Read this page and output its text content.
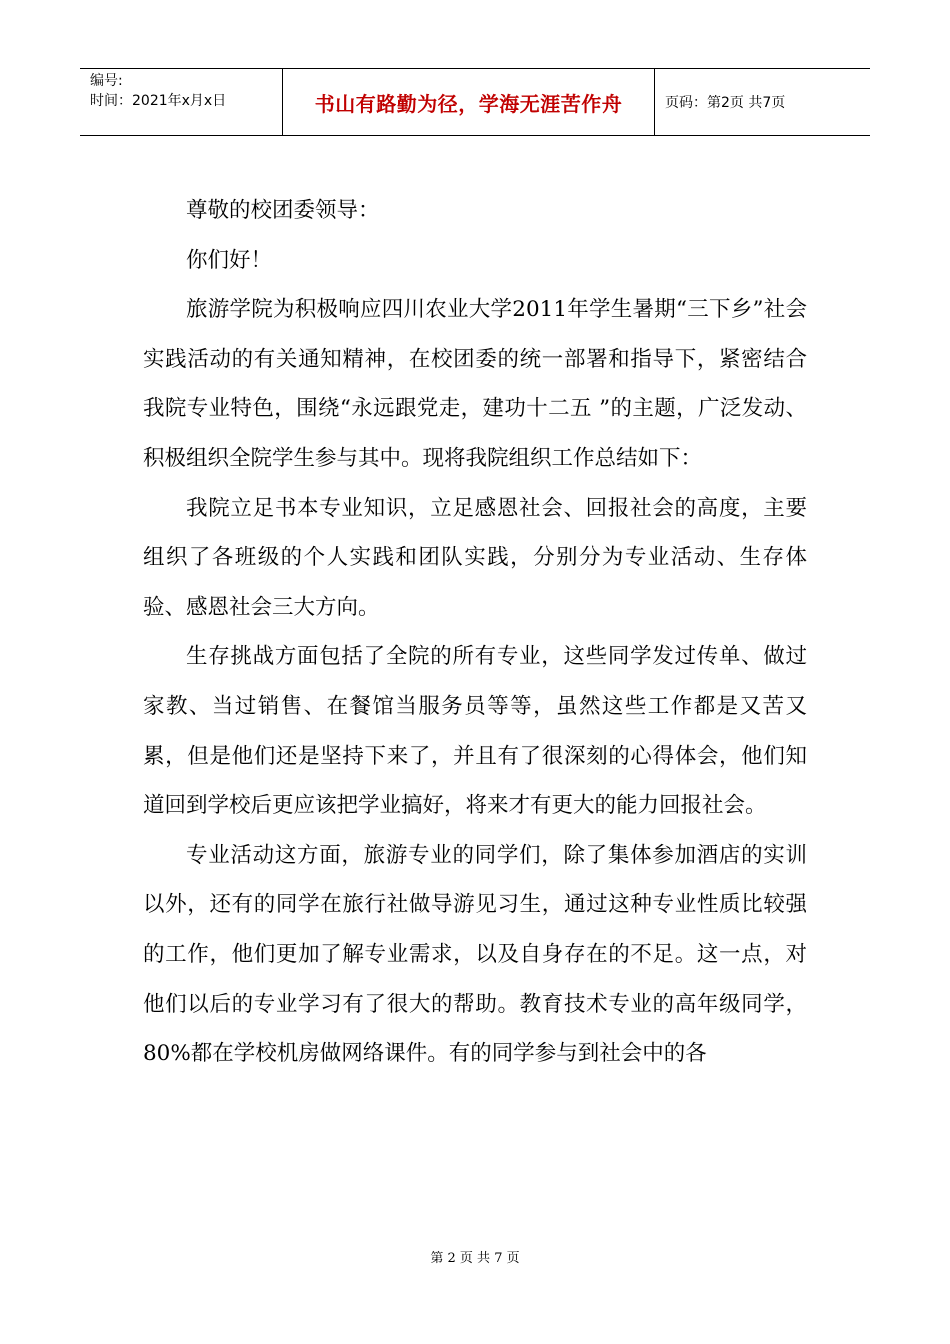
编号:
时间：2021年x月x日	书山有路勤为径，学海无涯苦作舟	页码：第2页 共7页

尊敬的校团委领导：

你们好！

旅游学院为积极响应四川农业大学2011年学生暑期“三下乡”社会实践活动的有关通知精神，在校团委的统一部署和指导下，紧密结合我院专业特色，围绕“永远跟党走，建功十二五 ”的主题，广泛发动、积极组织全院学生参与其中。现将我院组织工作总结如下：

我院立足书本专业知识，立足感恩社会、回报社会的高度，主要组织了各班级的个人实践和团队实践，分别分为专业活动、生存体验、感恩社会三大方向。

生存挑战方面包括了全院的所有专业，这些同学发过传单、做过家教、当过销售、在餐馆当服务员等等，虽然这些工作都是又苦又累，但是他们还是坚持下来了，并且有了很深刻的心得体会，他们知道回到学校后更应该把学业搞好，将来才有更大的能力回报社会。

专业活动这方面，旅游专业的同学们，除了集体参加酒店的实训以外，还有的同学在旅行社做导游见习生，通过这种专业性质比较强的工作，他们更加了解专业需求，以及自身存在的不足。这一点，对他们以后的专业学习有了很大的帮助。教育技术专业的高年级同学，80%都在学校机房做网络课件。有的同学参与到社会中的各

第 2 页 共 7 页
